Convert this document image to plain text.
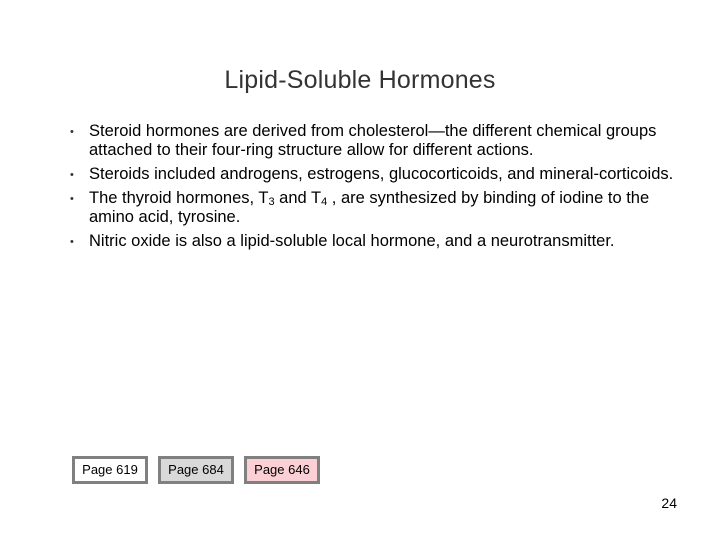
Lipid-Soluble Hormones
• Steroid hormones are derived from cholesterol—the different chemical groups attached to their four-ring structure allow for different actions.
• Steroids included androgens, estrogens, glucocorticoids, and mineral-corticoids.
• The thyroid hormones, $T_3$ and $T_4$ , are synthesized by binding of iodine to the amino acid, tyrosine.
• Nitric oxide is also a lipid-soluble local hormone, and a neurotransmitter.
Page 619	Page 684	Page 646
24
